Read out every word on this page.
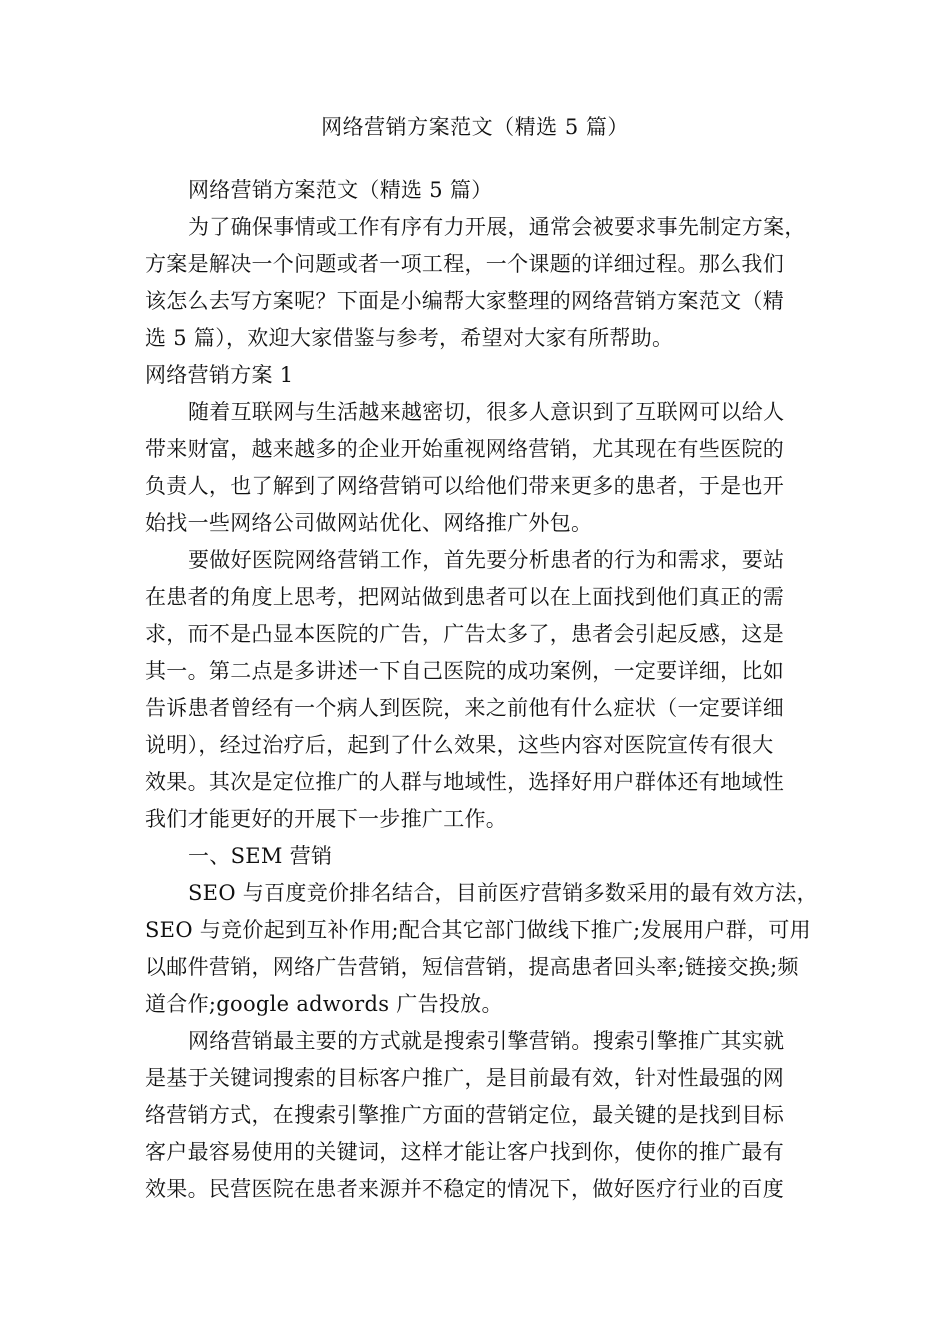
网络营销方案范文（精选 5 篇）
网络营销方案范文（精选 5 篇）
为了确保事情或工作有序有力开展，通常会被要求事先制定方案，
方案是解决一个问题或者一项工程，一个课题的详细过程。那么我们
该怎么去写方案呢？下面是小编帮大家整理的网络营销方案范文（精
选 5 篇），欢迎大家借鉴与参考，希望对大家有所帮助。
网络营销方案 1
随着互联网与生活越来越密切，很多人意识到了互联网可以给人
带来财富，越来越多的企业开始重视网络营销，尤其现在有些医院的
负责人，也了解到了网络营销可以给他们带来更多的患者，于是也开
始找一些网络公司做网站优化、网络推广外包。
要做好医院网络营销工作，首先要分析患者的行为和需求，要站
在患者的角度上思考，把网站做到患者可以在上面找到他们真正的需
求，而不是凸显本医院的广告，广告太多了，患者会引起反感，这是
其一。第二点是多讲述一下自己医院的成功案例，一定要详细，比如
告诉患者曾经有一个病人到医院，来之前他有什么症状（一定要详细
说明），经过治疗后，起到了什么效果，这些内容对医院宣传有很大
效果。其次是定位推广的人群与地域性，选择好用户群体还有地域性
我们才能更好的开展下一步推广工作。
一、SEM 营销
SEO 与百度竞价排名结合，目前医疗营销多数采用的最有效方法，
SEO 与竞价起到互补作用;配合其它部门做线下推广;发展用户群，可用
以邮件营销，网络广告营销，短信营销，提高患者回头率;链接交换;频
道合作;google adwords 广告投放。
网络营销最主要的方式就是搜索引擎营销。搜索引擎推广其实就
是基于关键词搜索的目标客户推广，是目前最有效，针对性最强的网
络营销方式，在搜索引擎推广方面的营销定位，最关键的是找到目标
客户最容易使用的关键词，这样才能让客户找到你，使你的推广最有
效果。民营医院在患者来源并不稳定的情况下，做好医疗行业的百度
